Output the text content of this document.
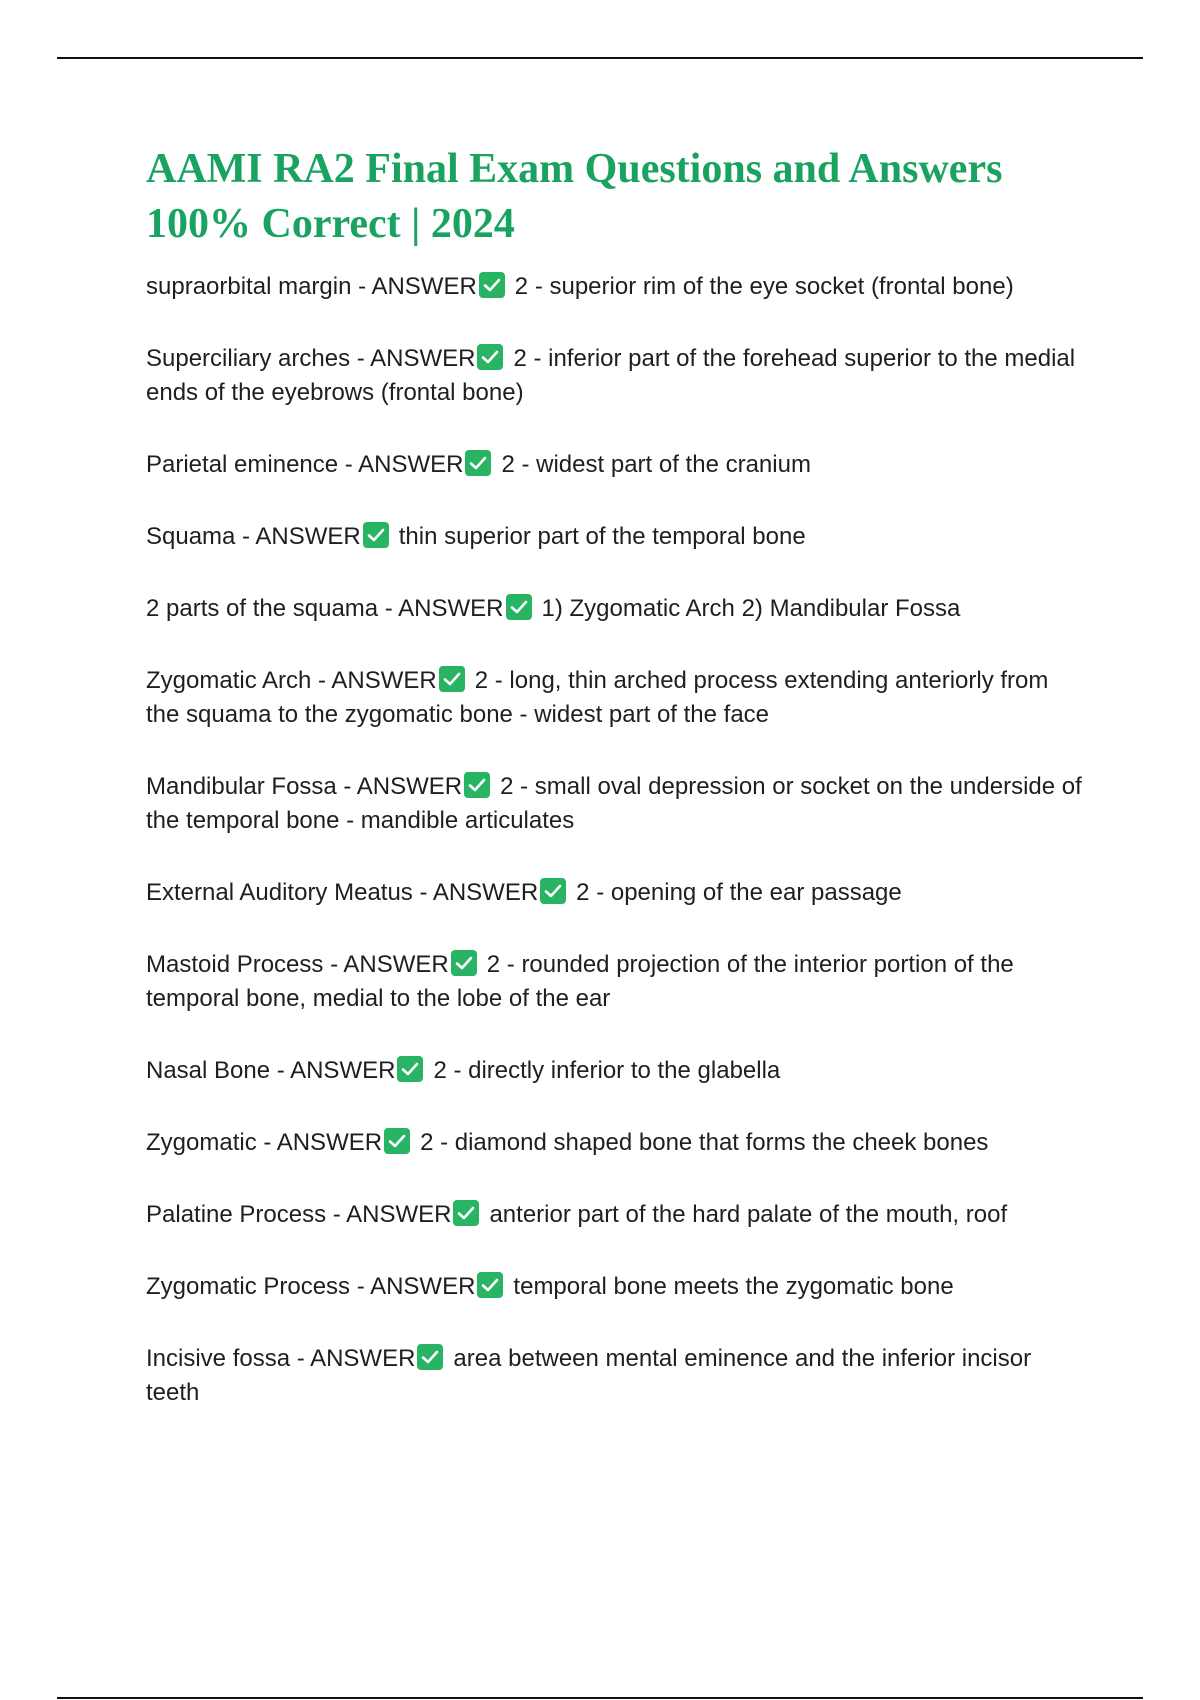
AAMI RA2 Final Exam Questions and Answers
100% Correct | 2024
supraorbital margin - ANSWER 2 - superior rim of the eye socket (frontal bone)
Superciliary arches - ANSWER 2 - inferior part of the forehead superior to the medial ends of the eyebrows (frontal bone)
Parietal eminence - ANSWER 2 - widest part of the cranium
Squama - ANSWER thin superior part of the temporal bone
2 parts of the squama - ANSWER 1) Zygomatic Arch 2) Mandibular Fossa
Zygomatic Arch - ANSWER 2 - long, thin arched process extending anteriorly from the squama to the zygomatic bone - widest part of the face
Mandibular Fossa - ANSWER 2 - small oval depression or socket on the underside of the temporal bone - mandible articulates
External Auditory Meatus - ANSWER 2 - opening of the ear passage
Mastoid Process - ANSWER 2 - rounded projection of the interior portion of the temporal bone, medial to the lobe of the ear
Nasal Bone - ANSWER 2 - directly inferior to the glabella
Zygomatic - ANSWER 2 - diamond shaped bone that forms the cheek bones
Palatine Process - ANSWER anterior part of the hard palate of the mouth, roof
Zygomatic Process - ANSWER temporal bone meets the zygomatic bone
Incisive fossa - ANSWER area between mental eminence and the inferior incisor teeth
